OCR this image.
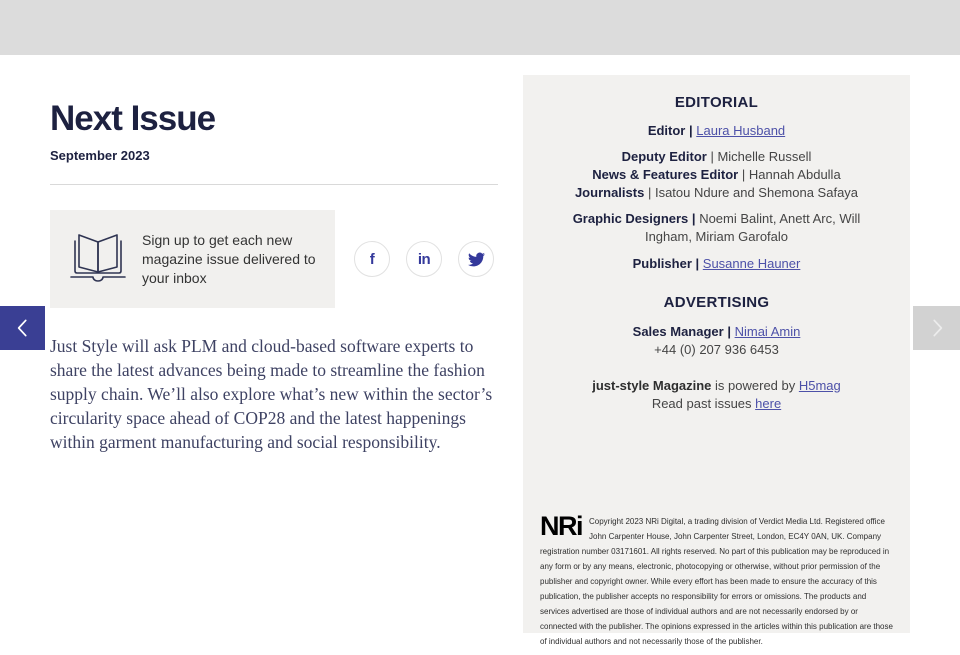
Next Issue
September 2023
Sign up to get each new magazine issue delivered to your inbox
f	in

Just Style will ask PLM and cloud-based software experts to share the latest advances being made to streamline the fashion supply chain. We’ll also explore what’s new within the sector’s circularity space ahead of COP28 and the latest happenings within garment manufacturing and social responsibility.

EDITORIAL
Editor | Laura Husband
Deputy Editor | Michelle Russell
News & Features Editor | Hannah Abdulla
Journalists | Isatou Ndure and Shemona Safaya
Graphic Designers | Noemi Balint, Anett Arc, Will Ingham, Miriam Garofalo
Publisher | Susanne Hauner
ADVERTISING
Sales Manager | Nimai Amin
+44 (0) 207 936 6453
just-style Magazine is powered by H5mag
Read past issues here
NRi Copyright 2023 NRi Digital, a trading division of Verdict Media Ltd. Registered office John Carpenter House, John Carpenter Street, London, EC4Y 0AN, UK. Company registration number 03171601. All rights reserved. No part of this publication may be reproduced in any form or by any means, electronic, photocopying or otherwise, without prior permission of the publisher and copyright owner. While every effort has been made to ensure the accuracy of this publication, the publisher accepts no responsibility for errors or omissions. The products and services advertised are those of individual authors and are not necessarily endorsed by or connected with the publisher. The opinions expressed in the articles within this publication are those of individual authors and not necessarily those of the publisher.
